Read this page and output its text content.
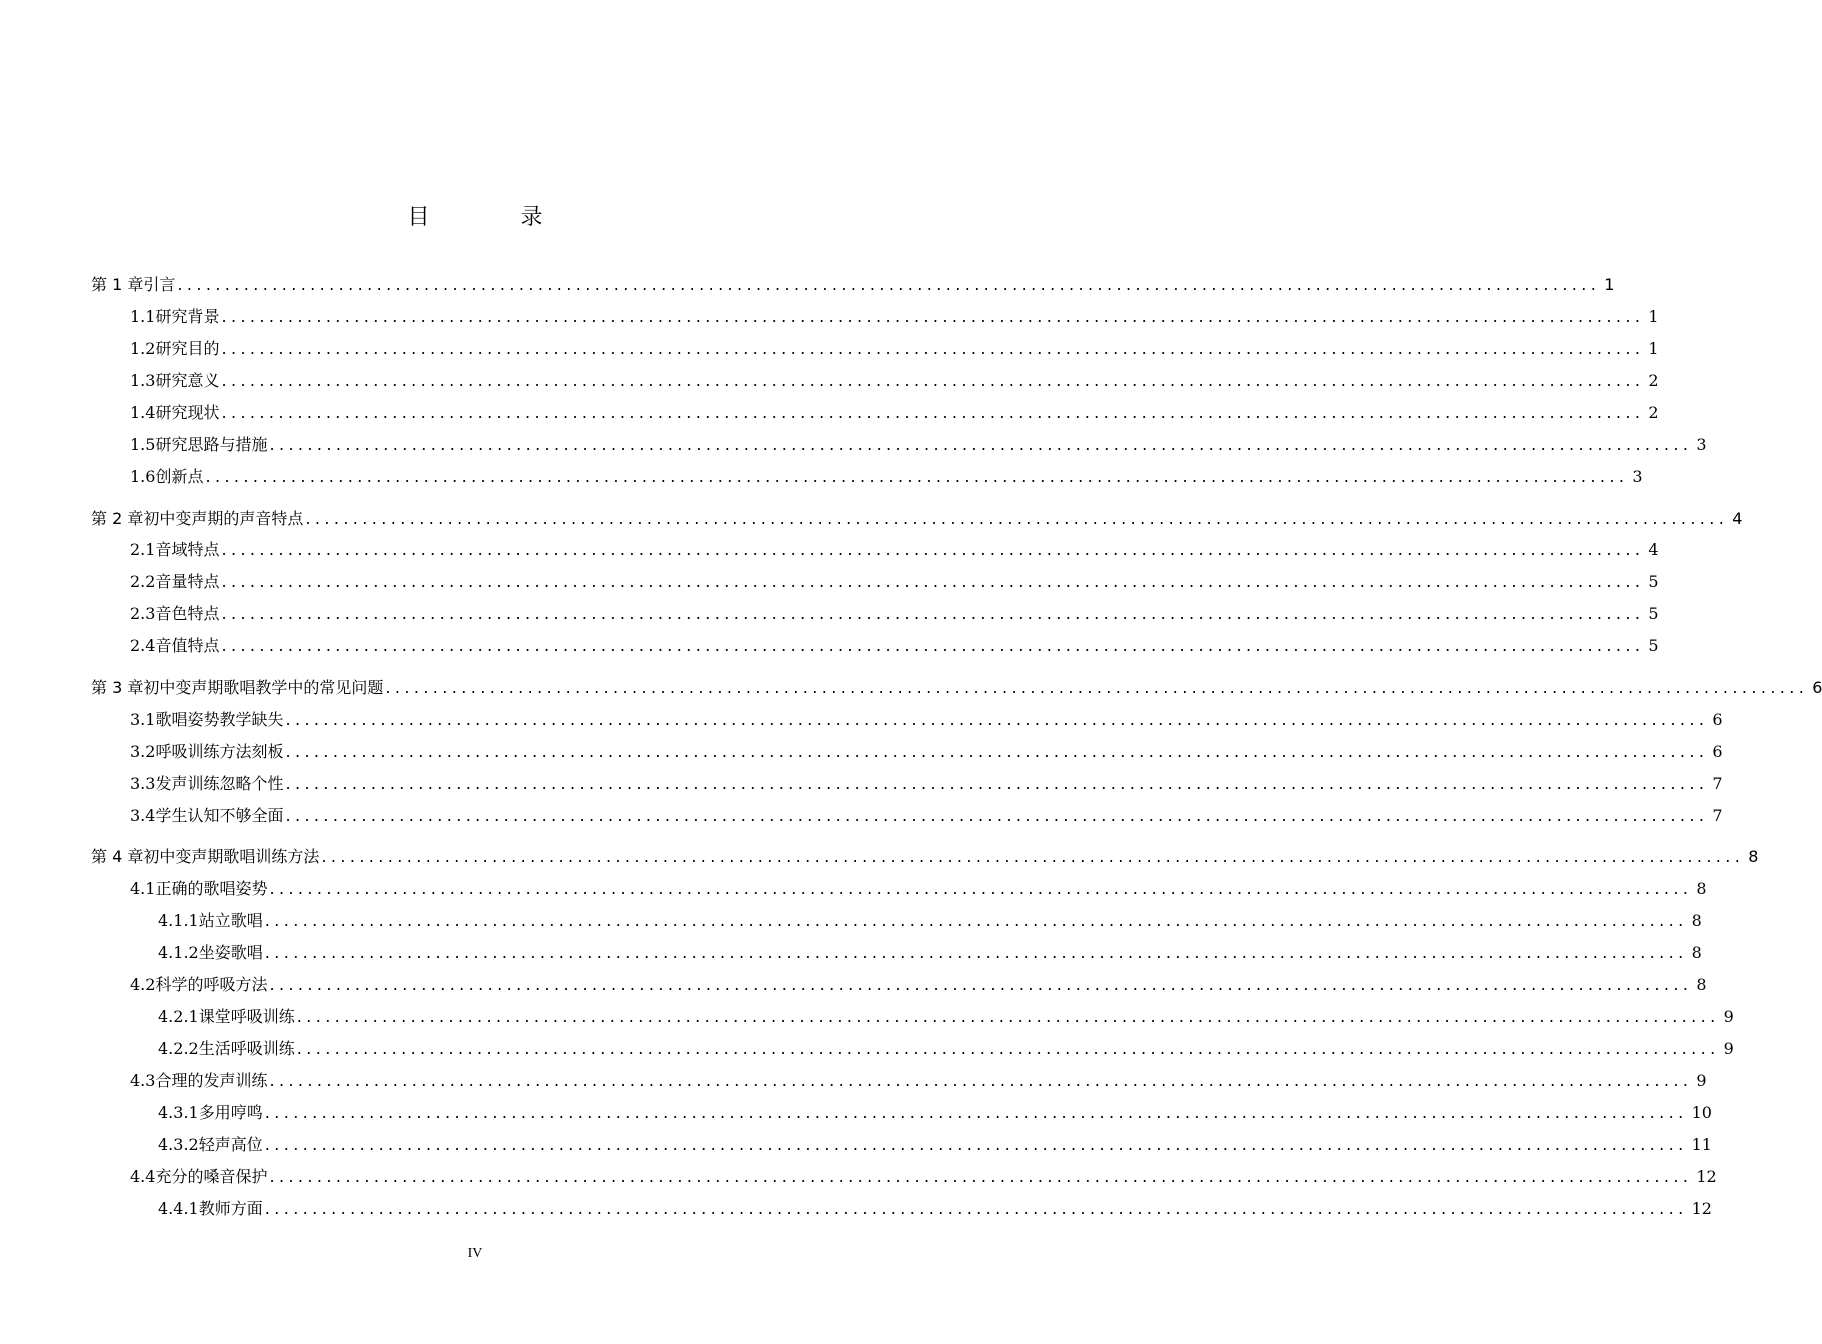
目 录
第 1 章 引言 ...................................................................................................................................................... 1
1.1 研究背景 ...................................................................................................................................................... 1
1.2 研究目的 ...................................................................................................................................................... 1
1.3 研究意义 ...................................................................................................................................................... 2
1.4 研究现状 ...................................................................................................................................................... 2
1.5 研究思路与措施 ...................................................................................................................................................... 3
1.6 创新点 ...................................................................................................................................................... 3
第 2 章 初中变声期的声音特点 ...................................................................................................................................................... 4
2.1 音域特点 ...................................................................................................................................................... 4
2.2 音量特点 ...................................................................................................................................................... 5
2.3 音色特点 ...................................................................................................................................................... 5
2.4 音值特点 ...................................................................................................................................................... 5
第 3 章 初中变声期歌唱教学中的常见问题 ...................................................................................................................................................... 6
3.1 歌唱姿势教学缺失 ...................................................................................................................................................... 6
3.2 呼吸训练方法刻板 ...................................................................................................................................................... 6
3.3 发声训练忽略个性 ...................................................................................................................................................... 7
3.4 学生认知不够全面 ...................................................................................................................................................... 7
第 4 章 初中变声期歌唱训练方法 ...................................................................................................................................................... 8
4.1 正确的歌唱姿势 ...................................................................................................................................................... 8
4.1.1 站立歌唱 ...................................................................................................................................................... 8
4.1.2 坐姿歌唱 ...................................................................................................................................................... 8
4.2 科学的呼吸方法 ...................................................................................................................................................... 8
4.2.1 课堂呼吸训练 ...................................................................................................................................................... 9
4.2.2 生活呼吸训练 ...................................................................................................................................................... 9
4.3 合理的发声训练 ...................................................................................................................................................... 9
4.3.1 多用哼鸣 ...................................................................................................................................................... 10
4.3.2 轻声高位 ...................................................................................................................................................... 11
4.4 充分的嗓音保护 ...................................................................................................................................................... 12
4.4.1 教师方面 ...................................................................................................................................................... 12
IV
